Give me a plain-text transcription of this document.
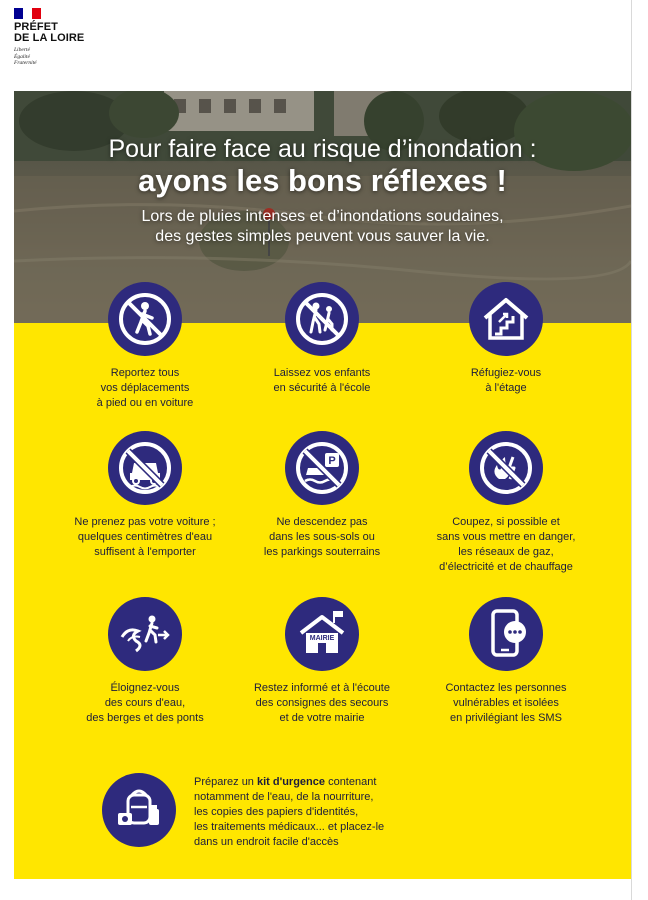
PRÉFET
DE LA LOIRE
Liberté
Égalité
Fraternité
Pour faire face au risque d’inondation :
ayons les bons réflexes !
Lors de pluies intenses et d’inondations soudaines,
des gestes simples peuvent vous sauver la vie.
Reportez tous
vos déplacements
à pied ou en voiture
Laissez vos enfants
en sécurité à l'école
Réfugiez-vous
à l'étage
Ne prenez pas votre voiture ;
quelques centimètres d'eau
suffisent à l'emporter
P
Ne descendez pas
dans les sous-sols ou
les parkings souterrains
Coupez, si possible et
sans vous mettre en danger,
les réseaux de gaz,
d’électricité et de chauffage
Éloignez-vous
des cours d'eau,
des berges et des ponts
MAIRIE
Restez informé et à l'écoute
des consignes des secours
et de votre mairie
Contactez les personnes
vulnérables et isolées
en privilégiant les SMS
Préparez un kit d'urgence contenant
notamment de l'eau, de la nourriture,
les copies des papiers d'identités,
les traitements médicaux... et placez-le
dans un endroit facile d'accès
